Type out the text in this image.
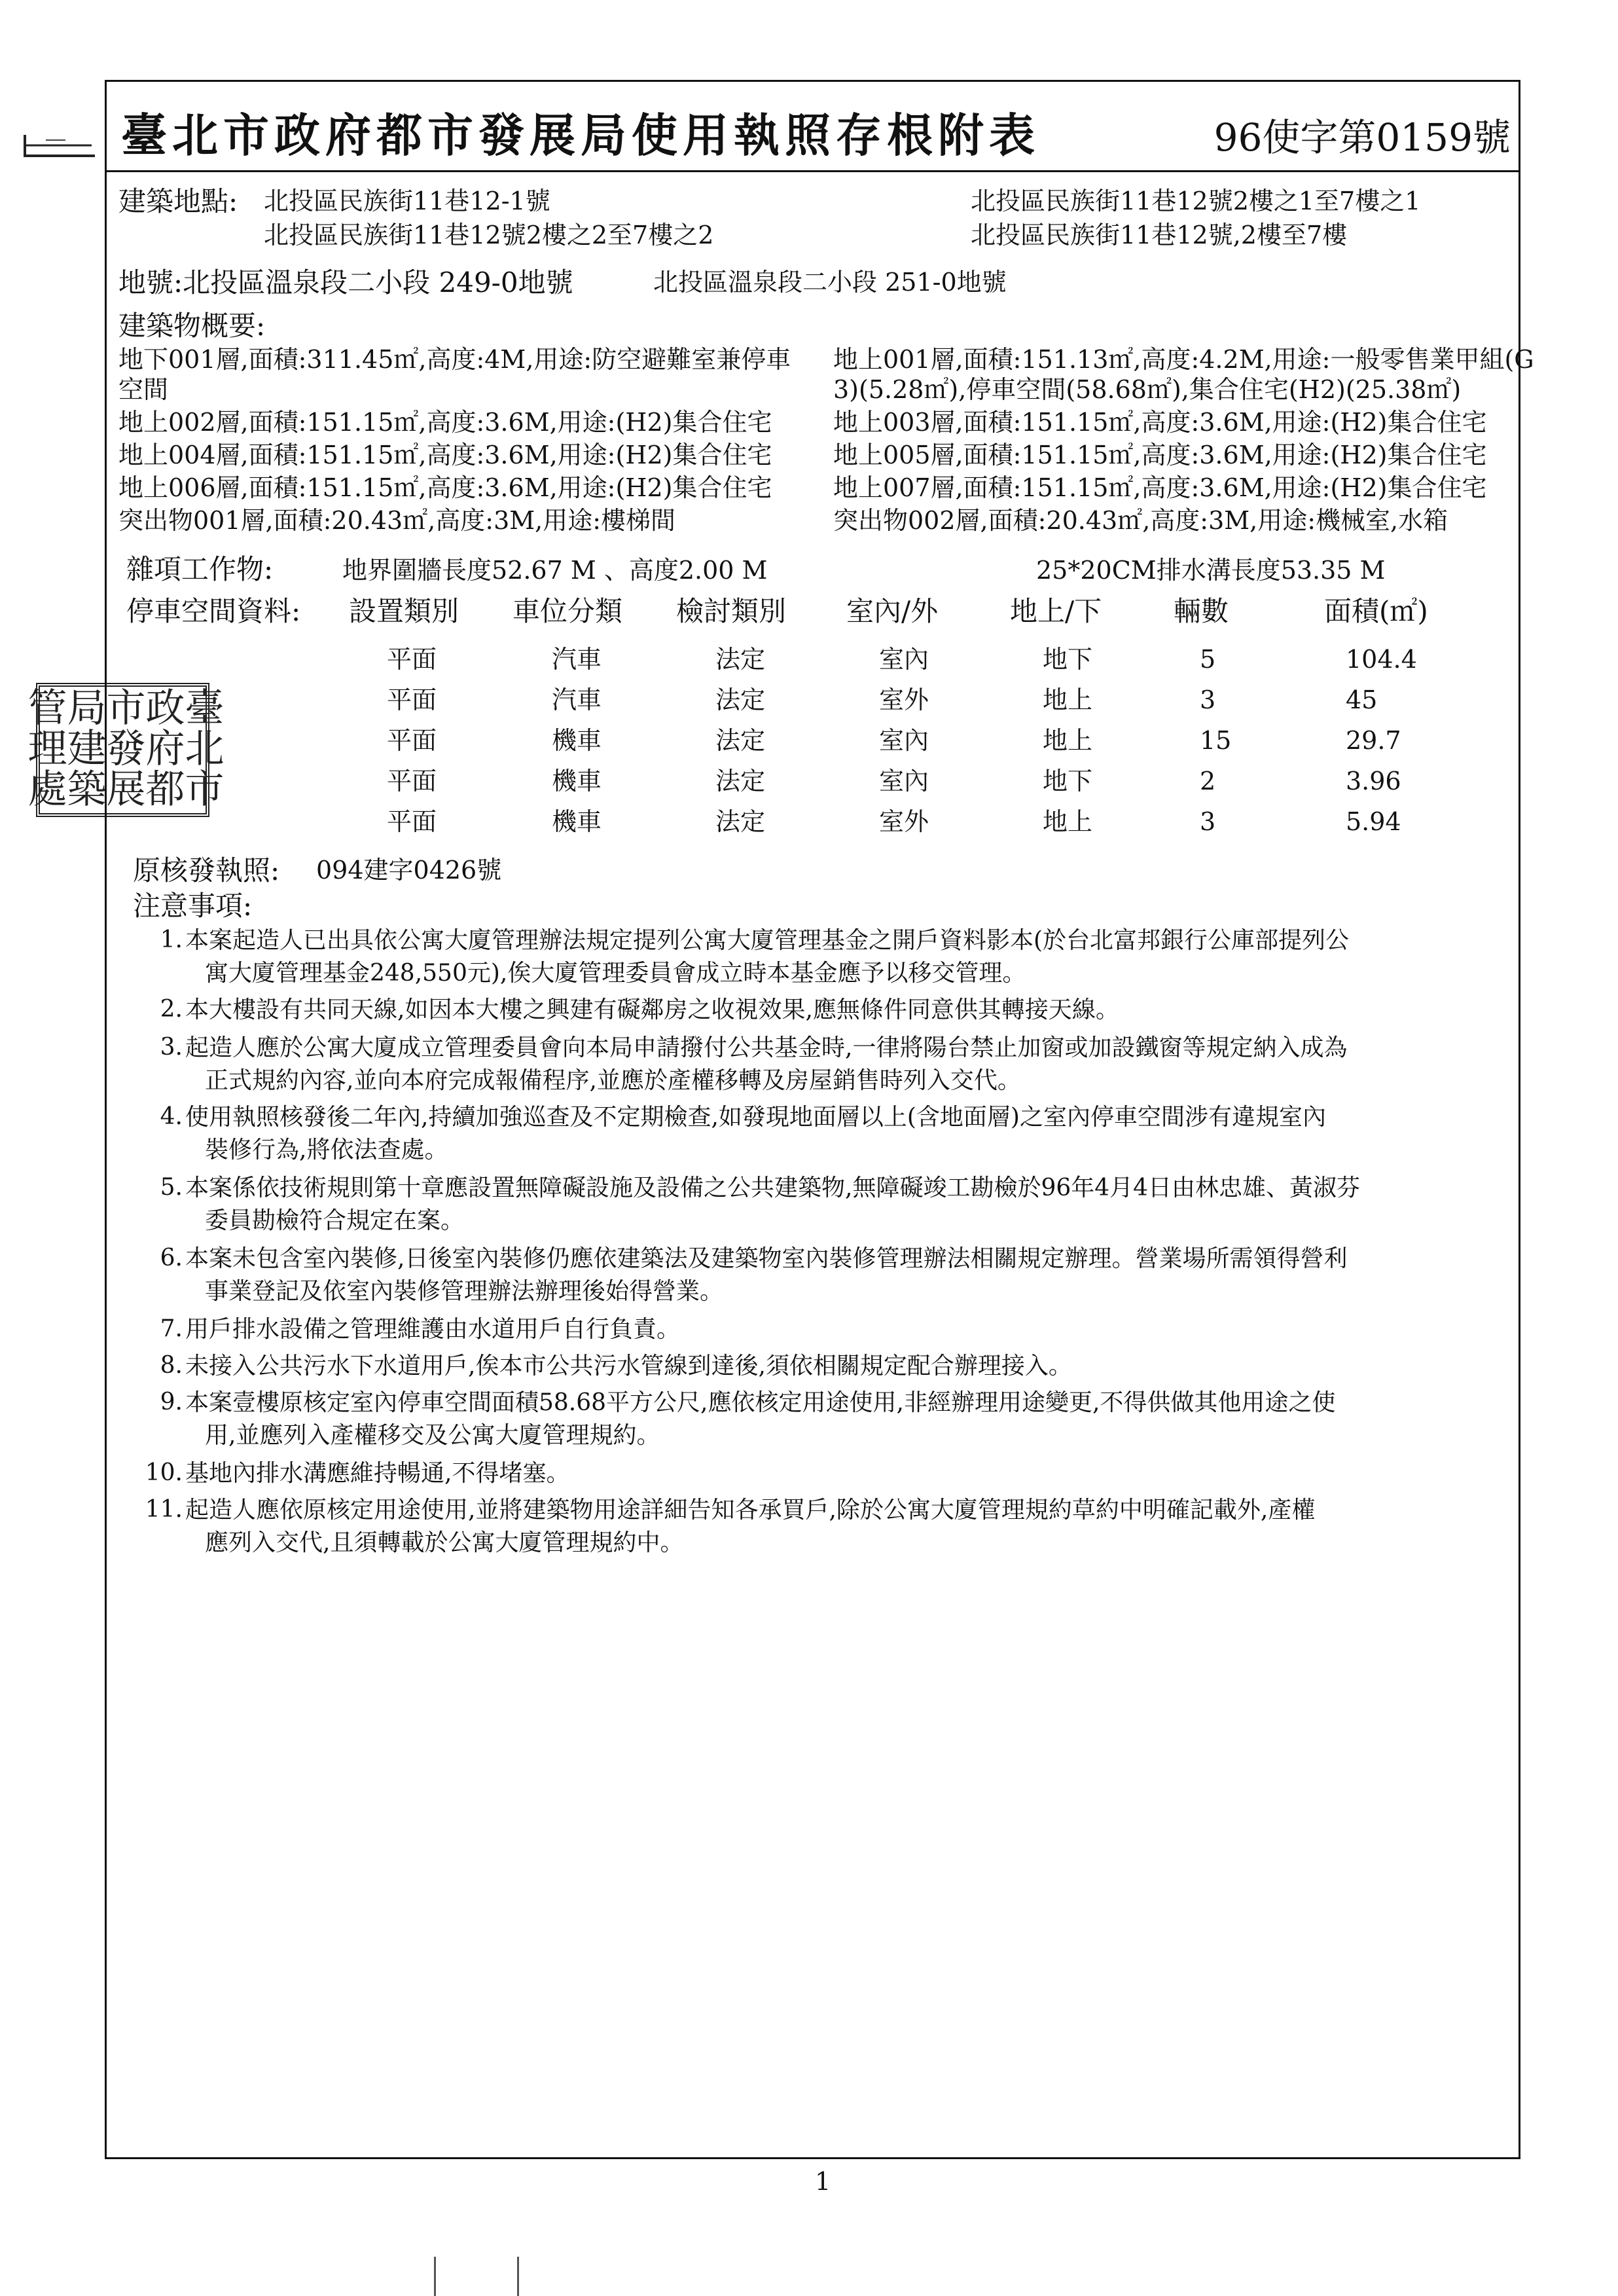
臺北市政府都市發展局建築管理處
臺北市政府都市發展局使用執照存根附表	96使字第0159號
建築地點: 北投區民族街11巷12-1號	北投區民族街11巷12號2樓之1至7樓之1
北投區民族街11巷12號2樓之2至7樓之2	北投區民族街11巷12號,2樓至7樓
地號:北投區溫泉段二小段 249-0地號	北投區溫泉段二小段 251-0地號
建築物概要:
地下001層,面積:311.45㎡,高度:4M,用途:防空避難室兼停車
空間
地上002層,面積:151.15㎡,高度:3.6M,用途:(H2)集合住宅
地上004層,面積:151.15㎡,高度:3.6M,用途:(H2)集合住宅
地上006層,面積:151.15㎡,高度:3.6M,用途:(H2)集合住宅
突出物001層,面積:20.43㎡,高度:3M,用途:樓梯間
地上001層,面積:151.13㎡,高度:4.2M,用途:一般零售業甲組(G
3)(5.28㎡),停車空間(58.68㎡),集合住宅(H2)(25.38㎡)
地上003層,面積:151.15㎡,高度:3.6M,用途:(H2)集合住宅
地上005層,面積:151.15㎡,高度:3.6M,用途:(H2)集合住宅
地上007層,面積:151.15㎡,高度:3.6M,用途:(H2)集合住宅
突出物002層,面積:20.43㎡,高度:3M,用途:機械室,水箱
雜項工作物:	地界圍牆長度52.67 M 、高度2.00 M	25*20CM排水溝長度53.35 M
停車空間資料: 設置類別 車位分類 檢討類別 室內/外	地上/下	輛數	面積(㎡)
平面	汽車	法定	室內	地下	5	104.4
平面	汽車	法定	室外	地上	3	45
平面	機車	法定	室內	地上	15	29.7
平面	機車	法定	室內	地下	2	3.96
平面	機車	法定	室外	地上	3	5.94
原核發執照: 094建字0426號
注意事項:
1. 本案起造人已出具依公寓大廈管理辦法規定提列公寓大廈管理基金之開戶資料影本(於台北富邦銀行公庫部提列公
寓大廈管理基金248,550元),俟大廈管理委員會成立時本基金應予以移交管理。
2. 本大樓設有共同天線,如因本大樓之興建有礙鄰房之收視效果,應無條件同意供其轉接天線。
3. 起造人應於公寓大廈成立管理委員會向本局申請撥付公共基金時,一律將陽台禁止加窗或加設鐵窗等規定納入成為
正式規約內容,並向本府完成報備程序,並應於產權移轉及房屋銷售時列入交代。
4. 使用執照核發後二年內,持續加強巡查及不定期檢查,如發現地面層以上(含地面層)之室內停車空間涉有違規室內
裝修行為,將依法查處。
5. 本案係依技術規則第十章應設置無障礙設施及設備之公共建築物,無障礙竣工勘檢於96年4月4日由林忠雄、黃淑芬
委員勘檢符合規定在案。
6. 本案未包含室內裝修,日後室內裝修仍應依建築法及建築物室內裝修管理辦法相關規定辦理。營業場所需領得營利
事業登記及依室內裝修管理辦法辦理後始得營業。
7. 用戶排水設備之管理維護由水道用戶自行負責。
8. 未接入公共污水下水道用戶,俟本市公共污水管線到達後,須依相關規定配合辦理接入。
9. 本案壹樓原核定室內停車空間面積58.68平方公尺,應依核定用途使用,非經辦理用途變更,不得供做其他用途之使
用,並應列入產權移交及公寓大廈管理規約。
10. 基地內排水溝應維持暢通,不得堵塞。
11. 起造人應依原核定用途使用,並將建築物用途詳細告知各承買戶,除於公寓大廈管理規約草約中明確記載外,產權
應列入交代,且須轉載於公寓大廈管理規約中。
1
